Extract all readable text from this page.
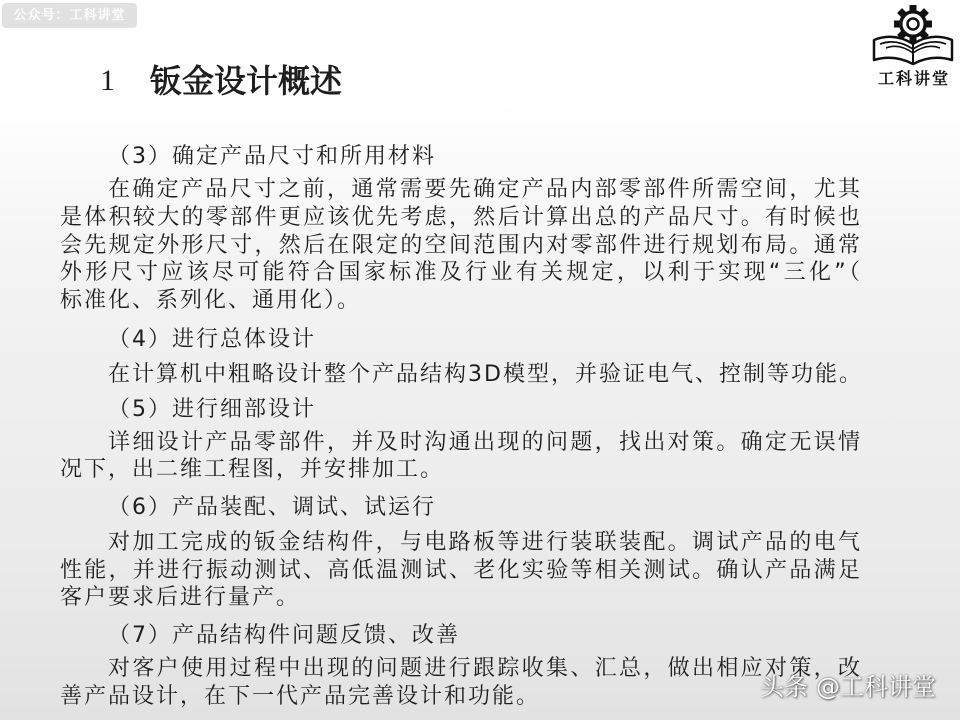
公众号：工科讲堂
工科讲堂
1 钣金设计概述
（3）确定产品尺寸和所用材料
在确定产品尺寸之前，通常需要先确定产品内部零部件所需空间，尤其
是体积较大的零部件更应该优先考虑，然后计算出总的产品尺寸。有时候也
会先规定外形尺寸，然后在限定的空间范围内对零部件进行规划布局。通常
外形尺寸应该尽可能符合国家标准及行业有关规定，以利于实现“三化”（
标准化、系列化、通用化）。
（4）进行总体设计
在计算机中粗略设计整个产品结构3D模型，并验证电气、控制等功能。
（5）进行细部设计
详细设计产品零部件，并及时沟通出现的问题，找出对策。确定无误情
况下，出二维工程图，并安排加工。
（6）产品装配、调试、试运行
对加工完成的钣金结构件，与电路板等进行装联装配。调试产品的电气
性能，并进行振动测试、高低温测试、老化实验等相关测试。确认产品满足
客户要求后进行量产。
（7）产品结构件问题反馈、改善
对客户使用过程中出现的问题进行跟踪收集、汇总，做出相应对策，改
善产品设计，在下一代产品完善设计和功能。	头条 @工科讲堂
